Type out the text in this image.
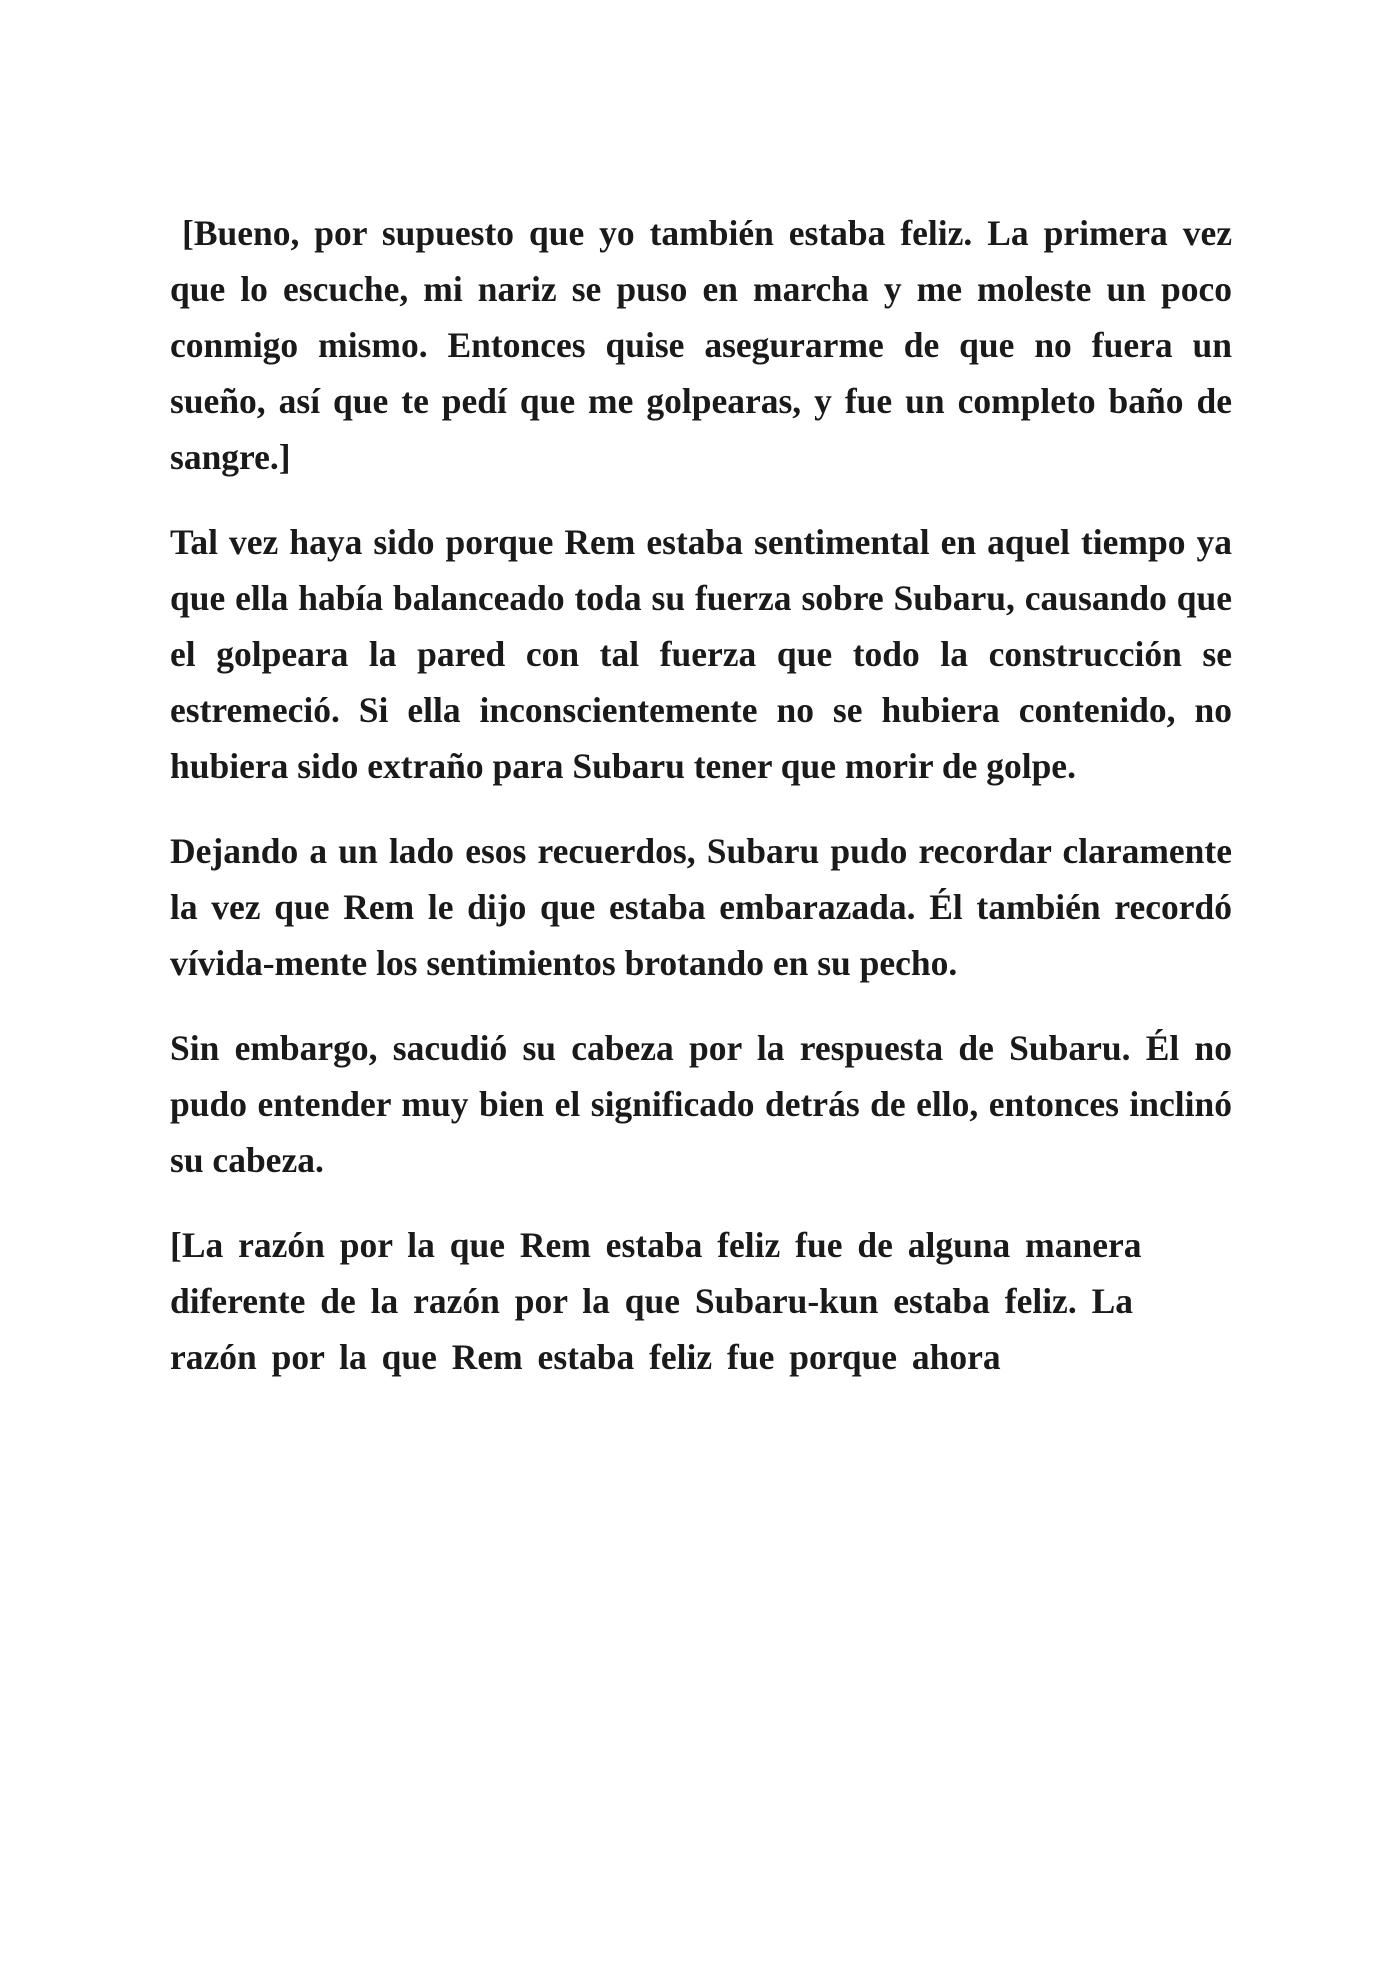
[Bueno, por supuesto que yo también estaba feliz. La primera vez que lo escuche, mi nariz se puso en marcha y me moleste un poco conmigo mismo. Entonces quise asegurarme de que no fuera un sueño, así que te pedí que me golpearas, y fue un completo baño de sangre.]

Tal vez haya sido porque Rem estaba sentimental en aquel tiempo ya que ella había balanceado toda su fuerza sobre Subaru, causando que el golpeara la pared con tal fuerza que todo la construcción se estremeció. Si ella inconscientemente no se hubiera contenido, no hubiera sido extraño para Subaru tener que morir de golpe.

Dejando a un lado esos recuerdos, Subaru pudo recordar claramente la vez que Rem le dijo que estaba embarazada. Él también recordó vívida-mente los sentimientos brotando en su pecho.

Sin embargo, sacudió su cabeza por la respuesta de Subaru. Él no pudo entender muy bien el significado detrás de ello, entonces inclinó su cabeza.

[La razón por la que Rem estaba feliz fue de alguna manera diferente de la razón por la que Subaru-kun estaba feliz. La razón por la que Rem estaba feliz fue porque ahora
